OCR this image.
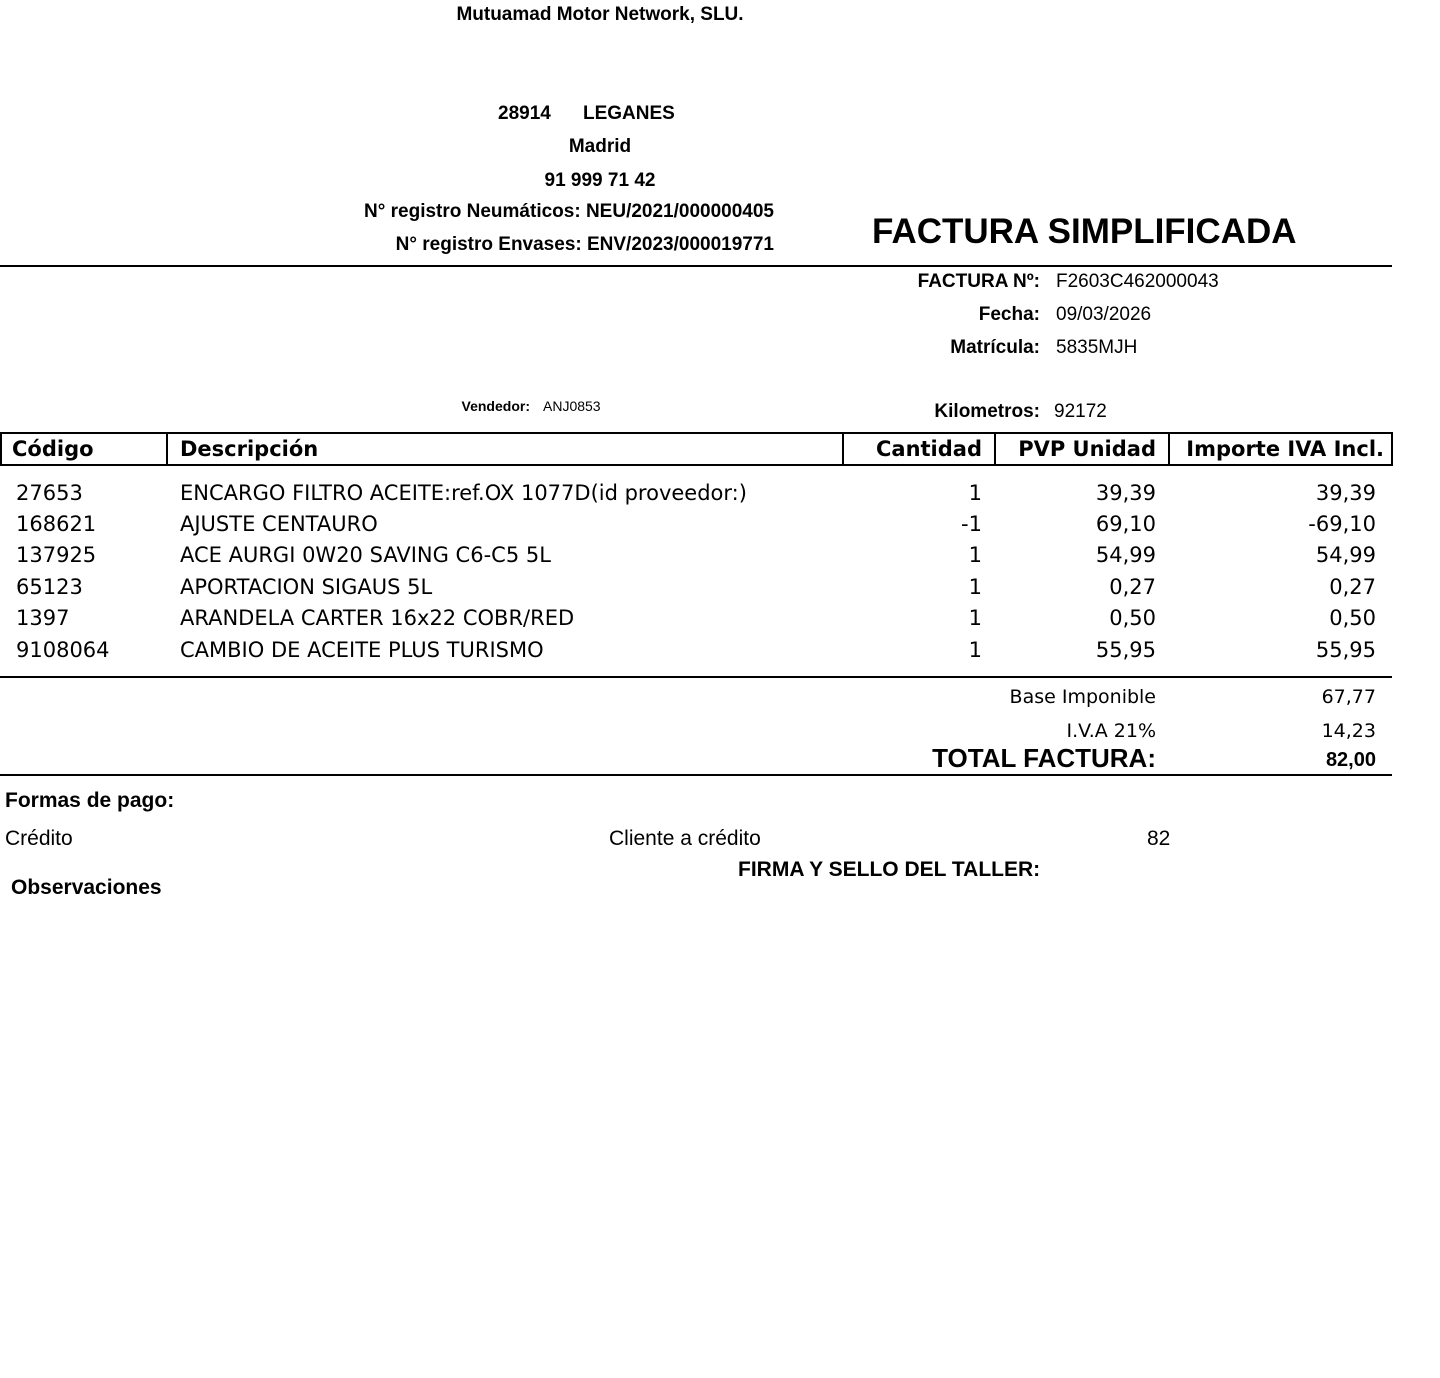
Mutuamad Motor Network, SLU.
28914 LEGANES
Madrid
91 999 71 42
N° registro Neumáticos: NEU/2021/000000405
N° registro Envases: ENV/2023/000019771	FACTURA SIMPLIFICADA
FACTURA Nº: F2603C462000043
Fecha: 09/03/2026
Matrícula: 5835MJH
Vendedor: ANJ0853	Kilometros: 92172
Código	Descripción	Cantidad	PVP Unidad	Importe IVA Incl.
27653	ENCARGO FILTRO ACEITE:ref.OX 1077D(id proveedor:)	1	39,39	39,39
168621	AJUSTE CENTAURO	-1	69,10	-69,10
137925	ACE AURGI 0W20 SAVING C6-C5 5L	1	54,99	54,99
65123	APORTACION SIGAUS 5L	1	0,27	0,27
1397	ARANDELA CARTER 16x22 COBR/RED	1	0,50	0,50
9108064	CAMBIO DE ACEITE PLUS TURISMO	1	55,95	55,95
Base Imponible	67,77
I.V.A 21%	14,23
TOTAL FACTURA:	82,00
Formas de pago:
Crédito	Cliente a crédito	82
FIRMA Y SELLO DEL TALLER:
Observaciones
